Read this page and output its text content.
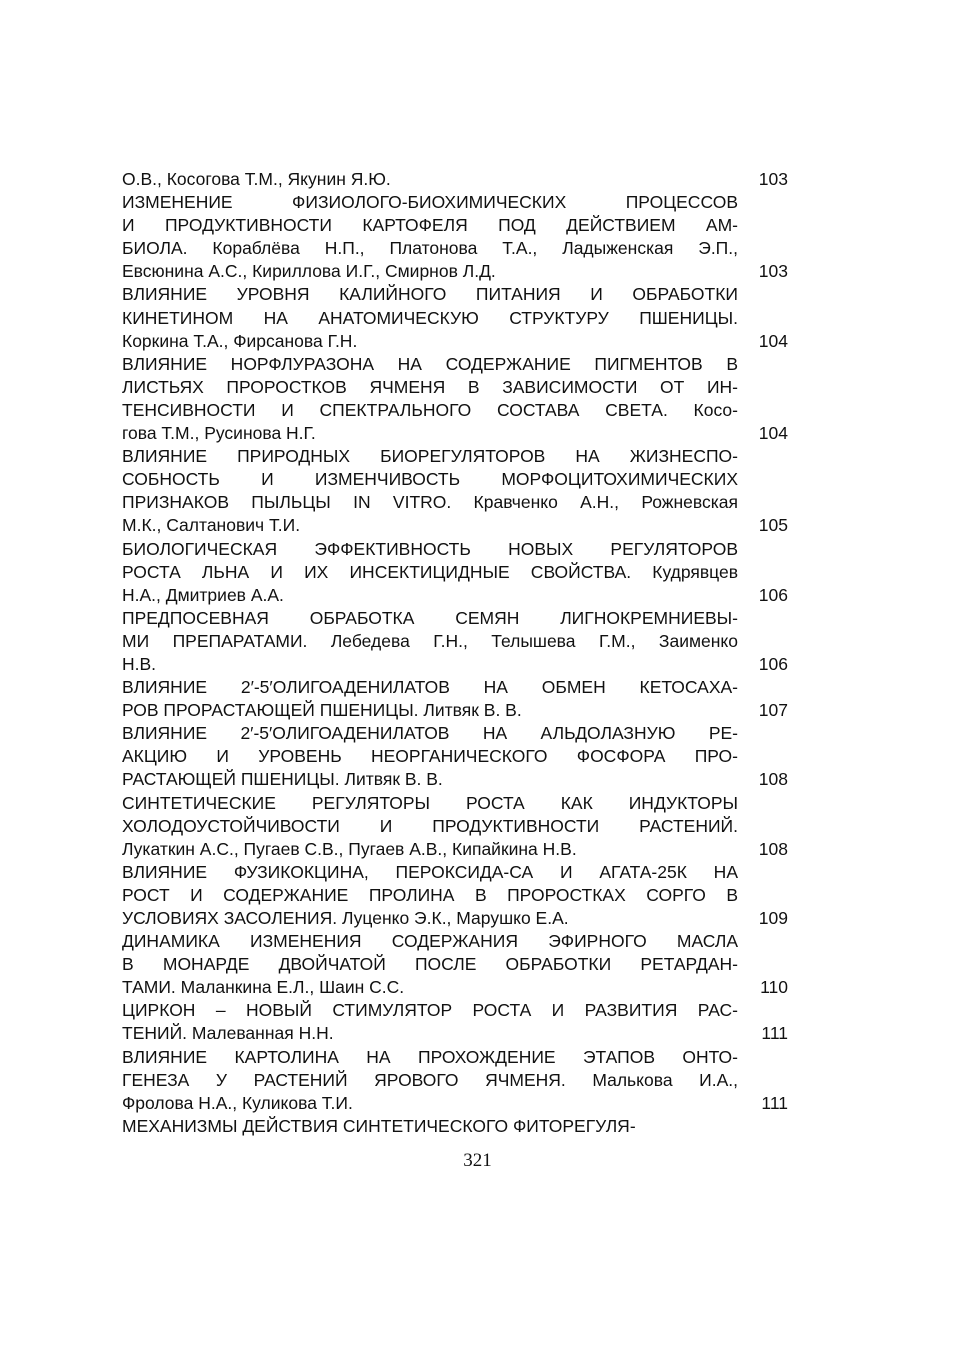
О.В., Косогова Т.М., Якунин Я.Ю.	103
ИЗМЕНЕНИЕ ФИЗИОЛОГО-БИОХИМИЧЕСКИХ ПРОЦЕССОВ
И ПРОДУКТИВНОСТИ КАРТОФЕЛЯ ПОД ДЕЙСТВИЕМ АМ-
БИОЛА. Кораблёва Н.П., Платонова Т.А., Ладыженская Э.П.,
Евсюнина А.С., Кириллова И.Г., Смирнов Л.Д.	103
ВЛИЯНИЕ УРОВНЯ КАЛИЙНОГО ПИТАНИЯ И ОБРАБОТКИ
КИНЕТИНОМ НА АНАТОМИЧЕСКУЮ СТРУКТУРУ ПШЕНИЦЫ.
Коркина Т.А., Фирсанова Г.Н.	104
ВЛИЯНИЕ НОРФЛУРАЗОНА НА СОДЕРЖАНИЕ ПИГМЕНТОВ В
ЛИСТЬЯХ ПРОРОСТКОВ ЯЧМЕНЯ В ЗАВИСИМОСТИ ОТ ИН-
ТЕНСИВНОСТИ И СПЕКТРАЛЬНОГО СОСТАВА СВЕТА. Косо-
гова Т.М., Русинова Н.Г.	104
ВЛИЯНИЕ ПРИРОДНЫХ БИОРЕГУЛЯТОРОВ НА ЖИЗНЕСПО-
СОБНОСТЬ И ИЗМЕНЧИВОСТЬ МОРФОЦИТОХИМИЧЕСКИХ
ПРИЗНАКОВ ПЫЛЬЦЫ IN VITRO. Кравченко А.Н., Рожневская
М.К., Салтанович Т.И.	105
БИОЛОГИЧЕСКАЯ ЭФФЕКТИВНОСТЬ НОВЫХ РЕГУЛЯТОРОВ
РОСТА ЛЬНА И ИХ ИНСЕКТИЦИДНЫЕ СВОЙСТВА. Кудрявцев
Н.А., Дмитриев А.А.	106
ПРЕДПОСЕВНАЯ ОБРАБОТКА СЕМЯН ЛИГНОКРЕМНИЕВЫ-
МИ ПРЕПАРАТАМИ. Лебедева Г.Н., Телышева Г.М., Заименко
Н.В.	106
ВЛИЯНИЕ 2′-5′ОЛИГОАДЕНИЛАТОВ НА ОБМЕН КЕТОСАХА-
РОВ ПРОРАСТАЮЩЕЙ ПШЕНИЦЫ. Литвяк В. В.	107
ВЛИЯНИЕ 2′-5′ОЛИГОАДЕНИЛАТОВ НА АЛЬДОЛАЗНУЮ РЕ-
АКЦИЮ И УРОВЕНЬ НЕОРГАНИЧЕСКОГО ФОСФОРА ПРО-
РАСТАЮЩЕЙ ПШЕНИЦЫ. Литвяк В. В.	108
СИНТЕТИЧЕСКИЕ РЕГУЛЯТОРЫ РОСТА КАК ИНДУКТОРЫ
ХОЛОДОУСТОЙЧИВОСТИ И ПРОДУКТИВНОСТИ РАСТЕНИЙ.
Лукаткин А.С., Пугаев С.В., Пугаев А.В., Кипайкина Н.В.	108
ВЛИЯНИЕ ФУЗИКОКЦИНА, ПЕРОКСИДА-СА И АГАТА-25К НА
РОСТ И СОДЕРЖАНИЕ ПРОЛИНА В ПРОРОСТКАХ СОРГО В
УСЛОВИЯХ ЗАСОЛЕНИЯ. Луценко Э.К., Марушко Е.А.	109
ДИНАМИКА ИЗМЕНЕНИЯ СОДЕРЖАНИЯ ЭФИРНОГО МАСЛА
В МОНАРДЕ ДВОЙЧАТОЙ ПОСЛЕ ОБРАБОТКИ РЕТАРДАН-
ТАМИ. Маланкина Е.Л., Шаин С.С.	110
ЦИРКОН – НОВЫЙ СТИМУЛЯТОР РОСТА И РАЗВИТИЯ РАС-
ТЕНИЙ. Малеванная Н.Н.	111
ВЛИЯНИЕ КАРТОЛИНА НА ПРОХОЖДЕНИЕ ЭТАПОВ ОНТО-
ГЕНЕЗА У РАСТЕНИЙ ЯРОВОГО ЯЧМЕНЯ. Малькова И.А.,
Фролова Н.А., Куликова Т.И.	111
МЕХАНИЗМЫ ДЕЙСТВИЯ СИНТЕТИЧЕСКОГО ФИТОРЕГУЛЯ-
321
